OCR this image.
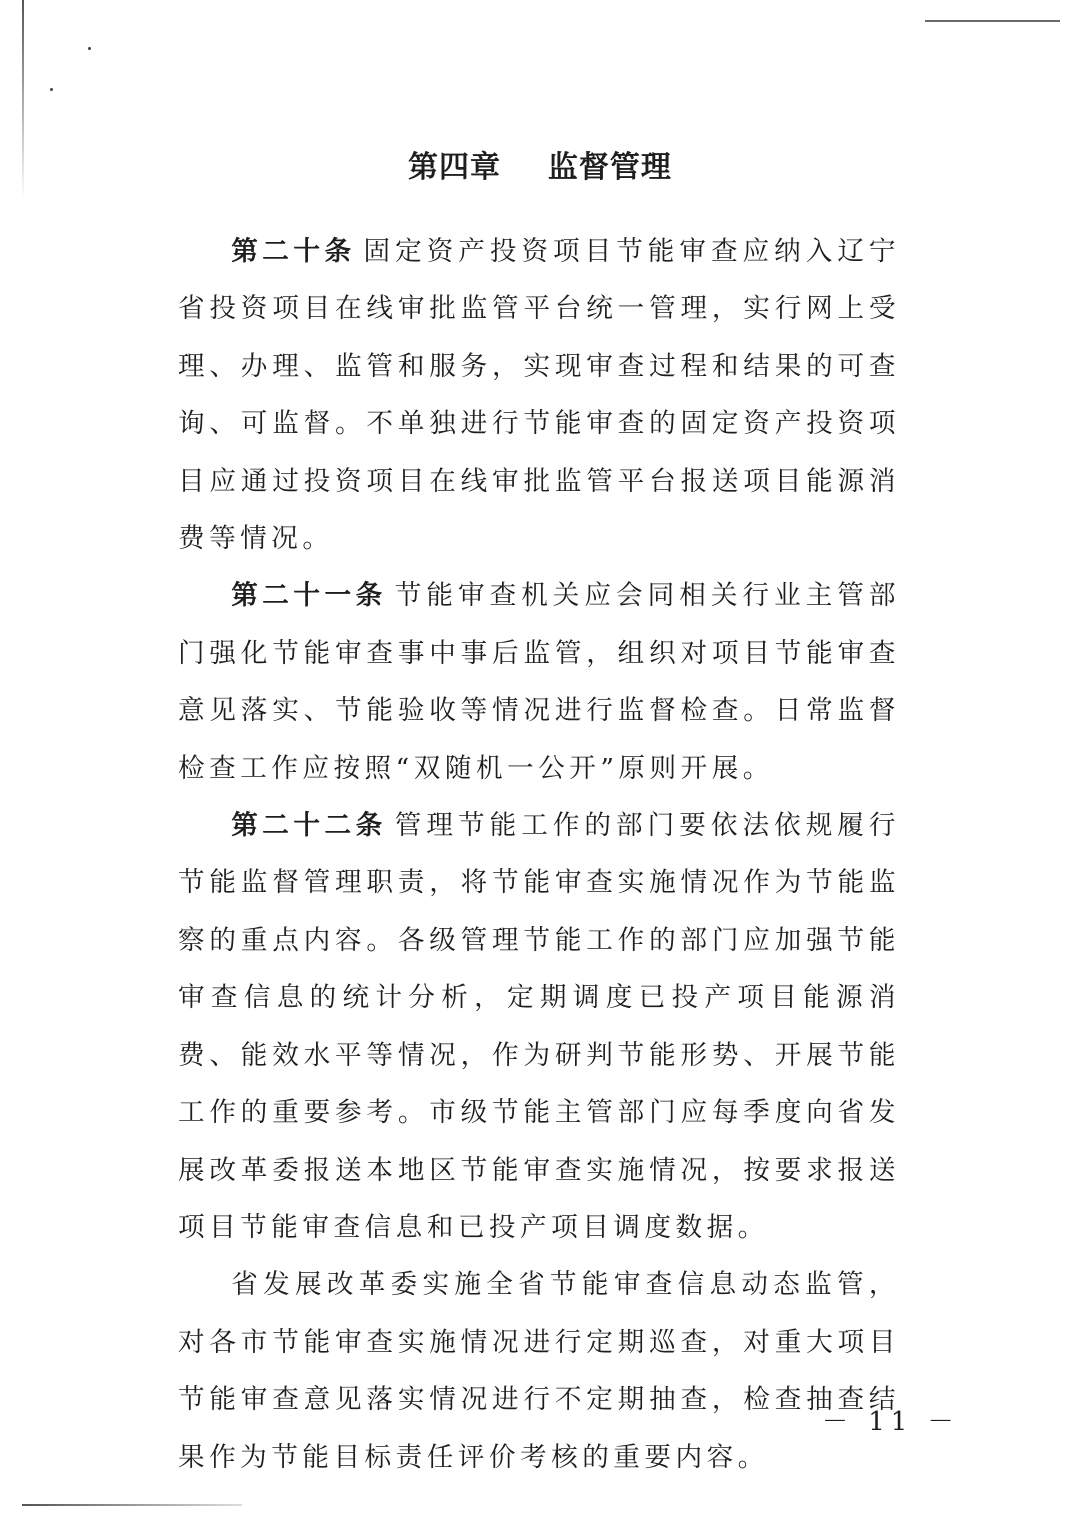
第四章  监督管理

第二十条 固定资产投资项目节能审查应纳入辽宁省投资项目在线审批监管平台统一管理，实行网上受理、办理、监管和服务，实现审查过程和结果的可查询、可监督。不单独进行节能审查的固定资产投资项目应通过投资项目在线审批监管平台报送项目能源消费等情况。

第二十一条 节能审查机关应会同相关行业主管部门强化节能审查事中事后监管，组织对项目节能审查意见落实、节能验收等情况进行监督检查。日常监督检查工作应按照“双随机一公开”原则开展。

第二十二条 管理节能工作的部门要依法依规履行节能监督管理职责，将节能审查实施情况作为节能监察的重点内容。各级管理节能工作的部门应加强节能审查信息的统计分析，定期调度已投产项目能源消费、能效水平等情况，作为研判节能形势、开展节能工作的重要参考。市级节能主管部门应每季度向省发展改革委报送本地区节能审查实施情况，按要求报送项目节能审查信息和已投产项目调度数据。

省发展改革委实施全省节能审查信息动态监管，对各市节能审查实施情况进行定期巡查，对重大项目节能审查意见落实情况进行不定期抽查，检查抽查结果作为节能目标责任评价考核的重要内容。

－ 11 －
